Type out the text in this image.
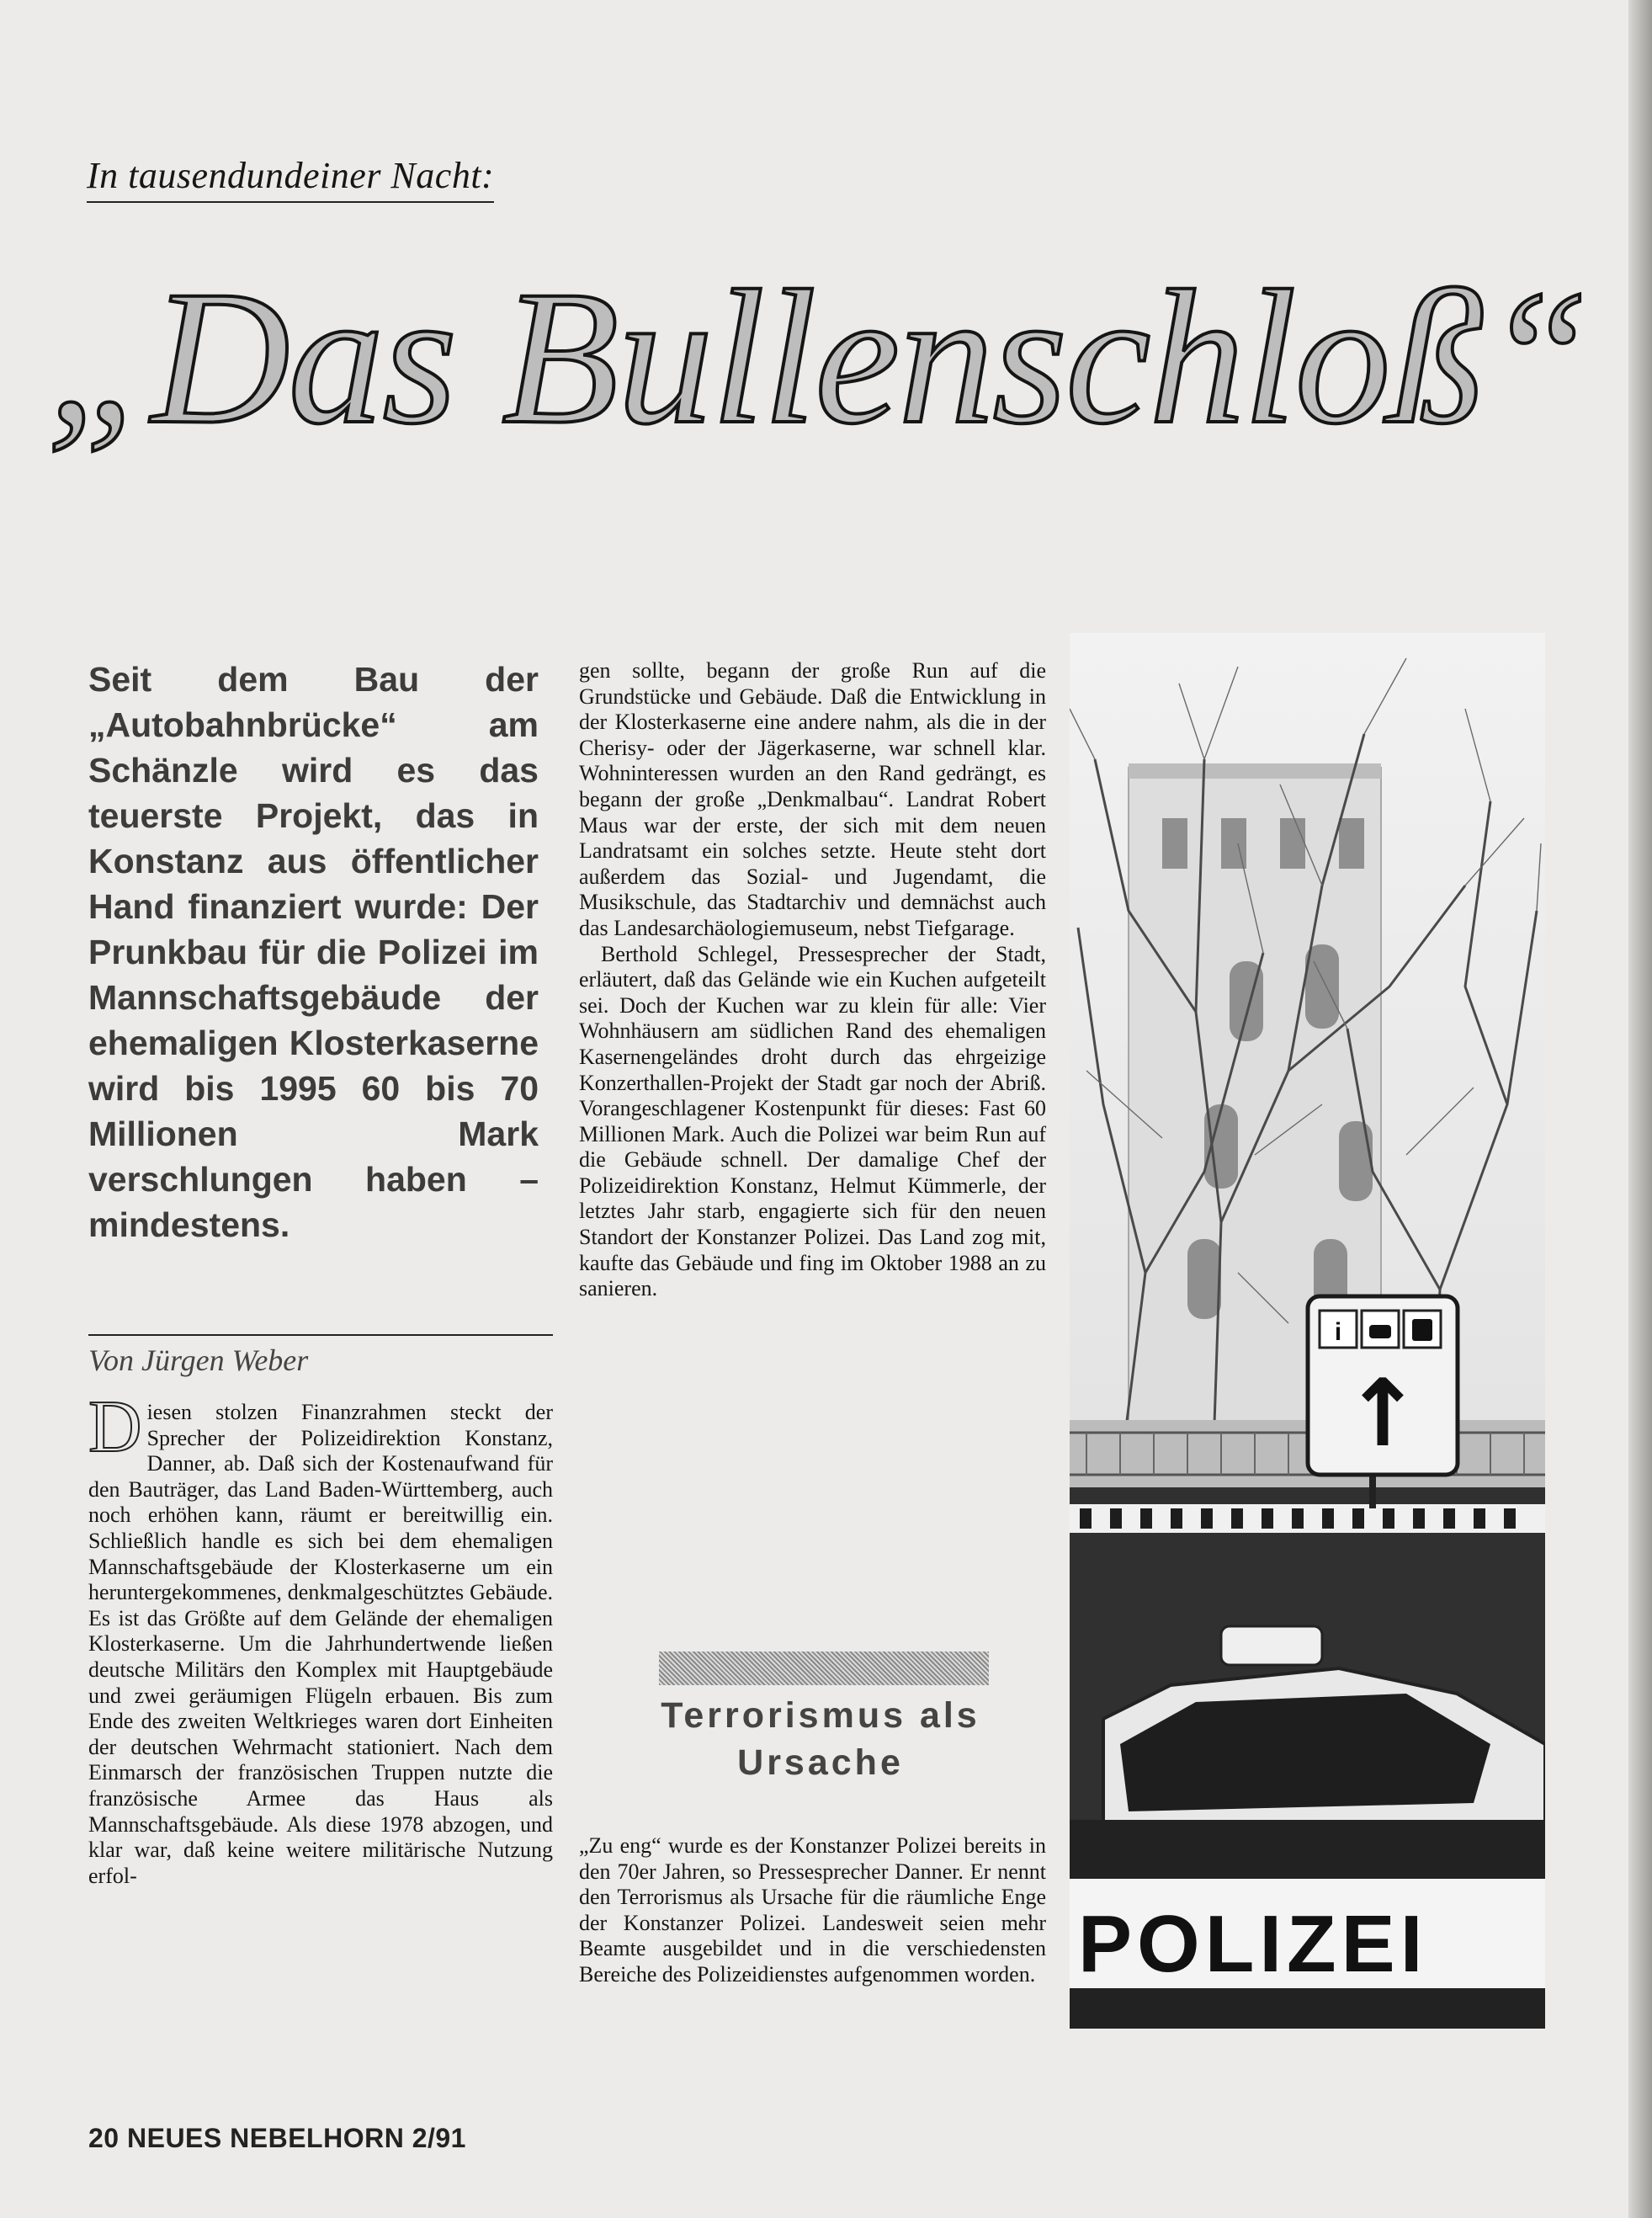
In tausendundeiner Nacht:
„Das Bullenschloß“
Seit dem Bau der „Autobahnbrücke“ am Schänzle wird es das teuerste Projekt, das in Konstanz aus öffentlicher Hand finanziert wurde: Der Prunkbau für die Polizei im Mannschaftsgebäude der ehemaligen Klosterkaserne wird bis 1995 60 bis 70 Millionen Mark verschlungen haben – mindestens.
Von Jürgen Weber

Diesen stolzen Finanzrahmen steckt der Sprecher der Polizeidirektion Konstanz, Danner, ab. Daß sich der Kostenaufwand für den Bauträger, das Land Baden-Württemberg, auch noch erhöhen kann, räumt er bereitwillig ein. Schließlich handle es sich bei dem ehemaligen Mannschaftsgebäude der Klosterkaserne um ein heruntergekommenes, denkmalgeschütztes Gebäude. Es ist das Größte auf dem Gelände der ehemaligen Klosterkaserne. Um die Jahrhundertwende ließen deutsche Militärs den Komplex mit Hauptgebäude und zwei geräumigen Flügeln erbauen. Bis zum Ende des zweiten Weltkrieges waren dort Einheiten der deutschen Wehrmacht stationiert. Nach dem Einmarsch der französischen Truppen nutzte die französische Armee das Haus als Mannschaftsgebäude. Als diese 1978 abzogen, und klar war, daß keine weitere militärische Nutzung erfol-

gen sollte, begann der große Run auf die Grundstücke und Gebäude. Daß die Entwicklung in der Klosterkaserne eine andere nahm, als die in der Cherisy- oder der Jägerkaserne, war schnell klar. Wohninteressen wurden an den Rand gedrängt, es begann der große „Denkmalbau“. Landrat Robert Maus war der erste, der sich mit dem neuen Landratsamt ein solches setzte. Heute steht dort außerdem das Sozial- und Jugendamt, die Musikschule, das Stadtarchiv und demnächst auch das Landesarchäologiemuseum, nebst Tiefgarage.

Berthold Schlegel, Pressesprecher der Stadt, erläutert, daß das Gelände wie ein Kuchen aufgeteilt sei. Doch der Kuchen war zu klein für alle: Vier Wohnhäusern am südlichen Rand des ehemaligen Kasernengeländes droht durch das ehrgeizige Konzerthallen-Projekt der Stadt gar noch der Abriß. Vorangeschlagener Kostenpunkt für dieses: Fast 60 Millionen Mark. Auch die Polizei war beim Run auf die Gebäude schnell. Der damalige Chef der Polizeidirektion Konstanz, Helmut Kümmerle, der letztes Jahr starb, engagierte sich für den neuen Standort der Konstanzer Polizei. Das Land zog mit, kaufte das Gebäude und fing im Oktober 1988 an zu sanieren.

Terrorismus als
Ursache

„Zu eng“ wurde es der Konstanzer Polizei bereits in den 70er Jahren, so Pressesprecher Danner. Er nennt den Terrorismus als Ursache für die räumliche Enge der Konstanzer Polizei. Landesweit seien mehr Beamte ausgebildet und in die verschiedensten Bereiche des Polizeidienstes aufgenommen worden.

i
↑
POLIZEI
20 NEUES NEBELHORN 2/91
